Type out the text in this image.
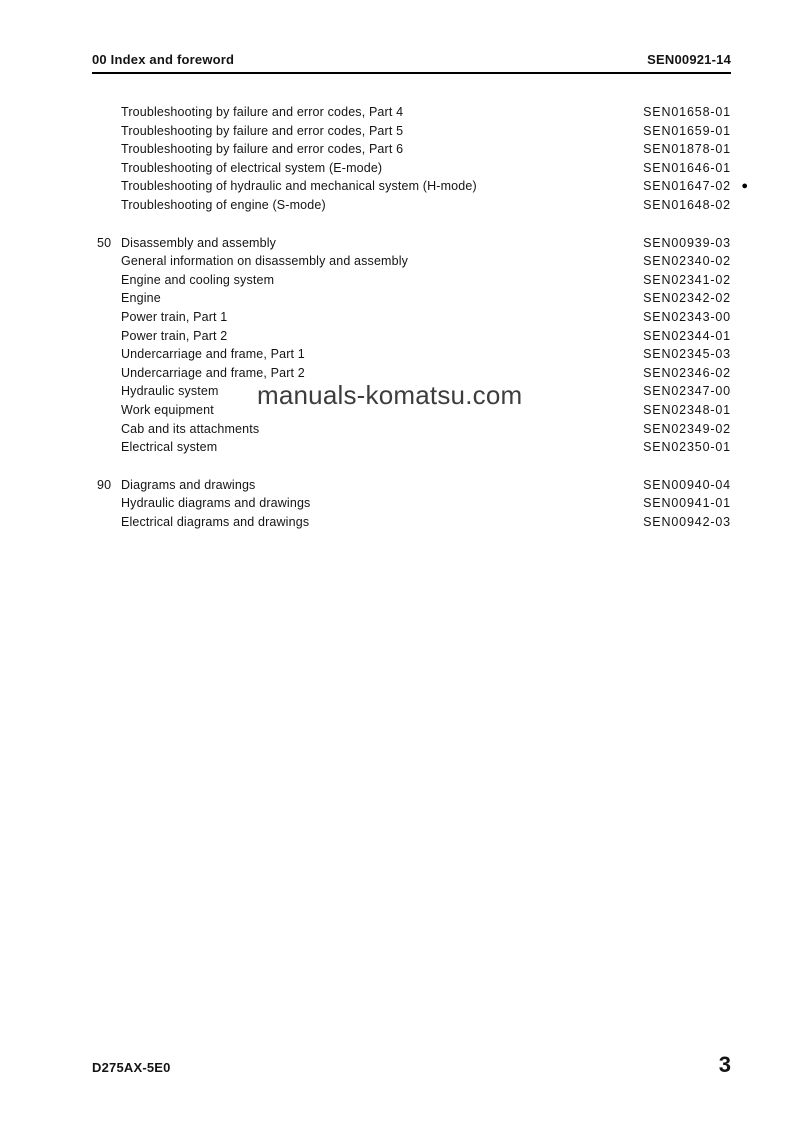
00 Index and foreword	SEN00921-14
Troubleshooting by failure and error codes, Part 4	SEN01658-01
Troubleshooting by failure and error codes, Part 5	SEN01659-01
Troubleshooting by failure and error codes, Part 6	SEN01878-01
Troubleshooting of electrical system (E-mode)	SEN01646-01
Troubleshooting of hydraulic and mechanical system (H-mode)	SEN01647-02 ●
Troubleshooting of engine (S-mode)	SEN01648-02
50 Disassembly and assembly	SEN00939-03
General information on disassembly and assembly	SEN02340-02
Engine and cooling system	SEN02341-02
Engine	SEN02342-02
Power train, Part 1	SEN02343-00
Power train, Part 2	SEN02344-01
Undercarriage and frame, Part 1	SEN02345-03
Undercarriage and frame, Part 2	SEN02346-02
Hydraulic system	SEN02347-00
Work equipment	SEN02348-01
Cab and its attachments	SEN02349-02
Electrical system	SEN02350-01
90 Diagrams and drawings	SEN00940-04
Hydraulic diagrams and drawings	SEN00941-01
Electrical diagrams and drawings	SEN00942-03
manuals-komatsu.com
D275AX-5E0	3
